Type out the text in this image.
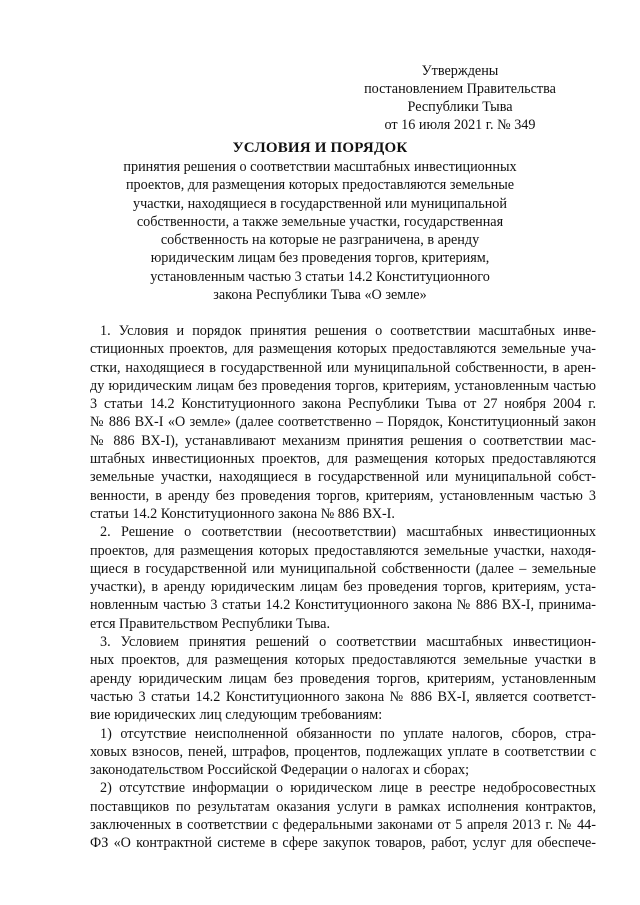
Утверждены
постановлением Правительства
Республики Тыва
от 16 июля 2021 г. № 349
УСЛОВИЯ И ПОРЯДОК
принятия решения о соответствии масштабных инвестиционных
проектов, для размещения которых предоставляются земельные
участки, находящиеся в государственной или муниципальной
собственности, а также земельные участки, государственная
собственность на которые не разграничена, в аренду
юридическим лицам без проведения торгов, критериям,
установленным частью 3 статьи 14.2 Конституционного
закона Республики Тыва «О земле»
1. Условия и порядок принятия решения о соответствии масштабных инве-
стиционных проектов, для размещения которых предоставляются земельные уча-
стки, находящиеся в государственной или муниципальной собственности, в арен-
ду юридическим лицам без проведения торгов, критериям, установленным частью
3 статьи 14.2 Конституционного закона Республики Тыва от 27 ноября 2004 г.
№ 886 ВХ-I «О земле» (далее соответственно – Порядок, Конституционный закон
№ 886 ВХ-I), устанавливают механизм принятия решения о соответствии мас-
штабных инвестиционных проектов, для размещения которых предоставляются
земельные участки, находящиеся в государственной или муниципальной собст-
венности, в аренду без проведения торгов, критериям, установленным частью 3
статьи 14.2 Конституционного закона № 886 ВХ-I.
2. Решение о соответствии (несоответствии) масштабных инвестиционных
проектов, для размещения которых предоставляются земельные участки, находя-
щиеся в государственной или муниципальной собственности (далее – земельные
участки), в аренду юридическим лицам без проведения торгов, критериям, уста-
новленным частью 3 статьи 14.2 Конституционного закона № 886 ВХ-I, принима-
ется Правительством Республики Тыва.
3. Условием принятия решений о соответствии масштабных инвестицион-
ных проектов, для размещения которых предоставляются земельные участки в
аренду юридическим лицам без проведения торгов, критериям, установленным
частью 3 статьи 14.2 Конституционного закона № 886 ВХ-I, является соответст-
вие юридических лиц следующим требованиям:
1) отсутствие неисполненной обязанности по уплате налогов, сборов, стра-
ховых взносов, пеней, штрафов, процентов, подлежащих уплате в соответствии с
законодательством Российской Федерации о налогах и сборах;
2) отсутствие информации о юридическом лице в реестре недобросовестных
поставщиков по результатам оказания услуги в рамках исполнения контрактов,
заключенных в соответствии с федеральными законами от 5 апреля 2013 г. № 44-
ФЗ «О контрактной системе в сфере закупок товаров, работ, услуг для обеспече-
